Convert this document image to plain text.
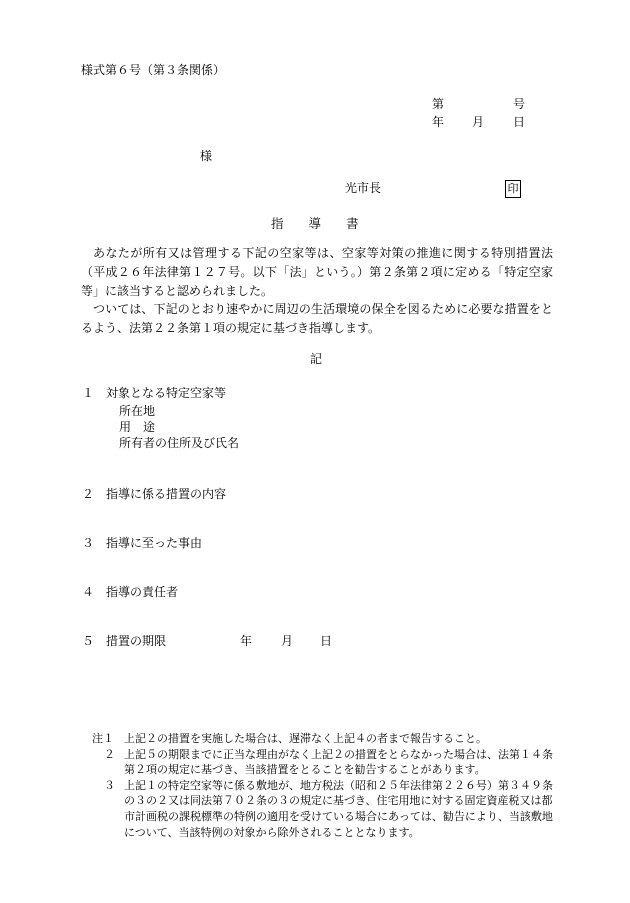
様式第６号（第３条関係）
第	号
年 月 日
様
光市長	印
指　　導　　書
あなたが所有又は管理する下記の空家等は、空家等対策の推進に関する特別措置法（平成２６年法律第１２７号。以下「法」という。）第２条第２項に定める「特定空家等」に該当すると認められました。
ついては、下記のとおり速やかに周辺の生活環境の保全を図るために必要な措置をとるよう、法第２２条第１項の規定に基づき指導します。
記
１ 対象となる特定空家等
所在地
用　途
所有者の住所及び氏名
２ 指導に係る措置の内容
３ 指導に至った事由
４ 指導の責任者
５ 措置の期限	年 月 日
注１ 上記２の措置を実施した場合は、遅滞なく上記４の者まで報告すること。
２ 上記５の期限までに正当な理由がなく上記２の措置をとらなかった場合は、法第１４条第２項の規定に基づき、当該措置をとることを勧告することがあります。
３ 上記１の特定空家等に係る敷地が、地方税法（昭和２５年法律第２２６号）第３４９条の３の２又は同法第７０２条の３の規定に基づき、住宅用地に対する固定資産税又は都市計画税の課税標準の特例の適用を受けている場合にあっては、勧告により、当該敷地について、当該特例の対象から除外されることとなります。
